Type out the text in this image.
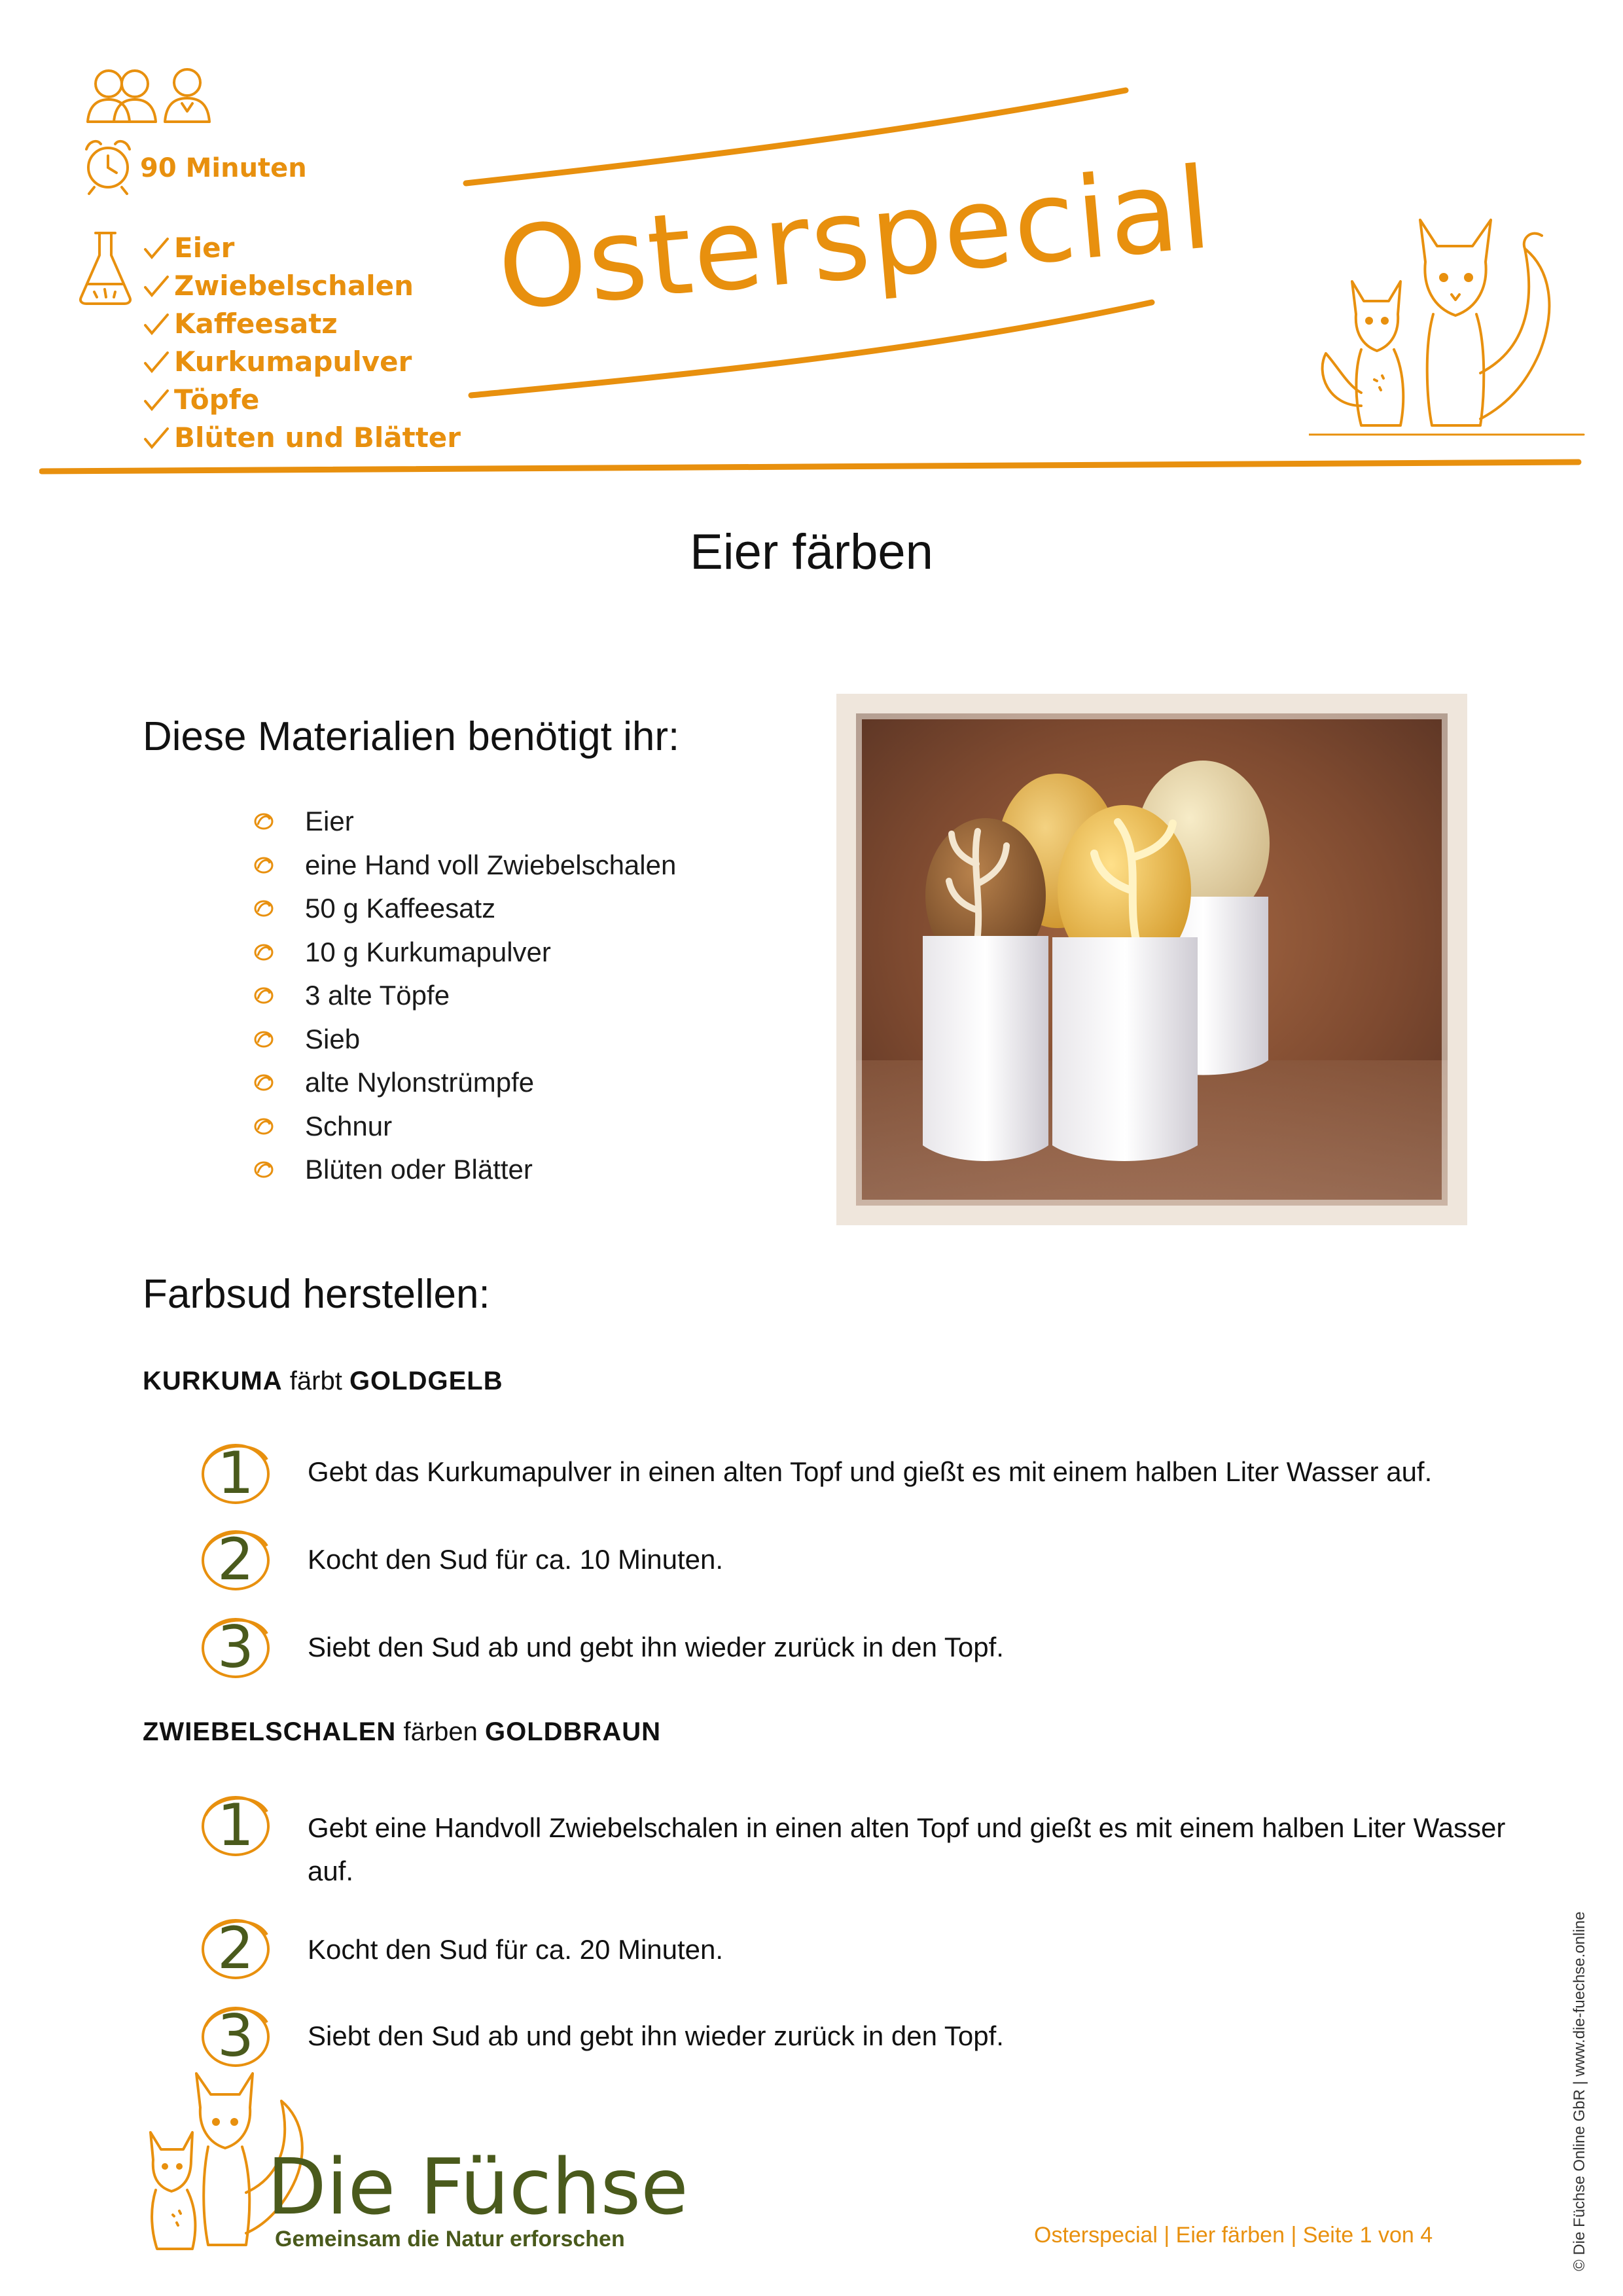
90 Minuten
Eier
Zwiebelschalen
Kaffeesatz
Kurkumapulver
Töpfe
Blüten und Blätter
Osterspecial
Eier färben
Diese Materialien benötigt ihr:
Eier
eine Hand voll Zwiebelschalen
50 g Kaffeesatz
10 g Kurkumapulver
3 alte Töpfe
Sieb
alte Nylonstrümpfe
Schnur
Blüten oder Blätter
Farbsud herstellen:
KURKUMA färbt GOLDGELB
1	Gebt das Kurkumapulver in einen alten Topf und gießt es mit einem halben Liter Wasser auf.
2	Kocht den Sud für ca. 10 Minuten.
3	Siebt den Sud ab und gebt ihn wieder zurück in den Topf.
ZWIEBELSCHALEN färben GOLDBRAUN
1	Gebt eine Handvoll Zwiebelschalen in einen alten Topf und gießt es mit einem halben Liter Wasser auf.
2	Kocht den Sud für ca. 20 Minuten.
3	Siebt den Sud ab und gebt ihn wieder zurück in den Topf.
Die Füchse
Gemeinsam die Natur erforschen	Osterspecial | Eier färben | Seite 1 von 4	© Die Füchse Online GbR | www.die-fuechse.online
